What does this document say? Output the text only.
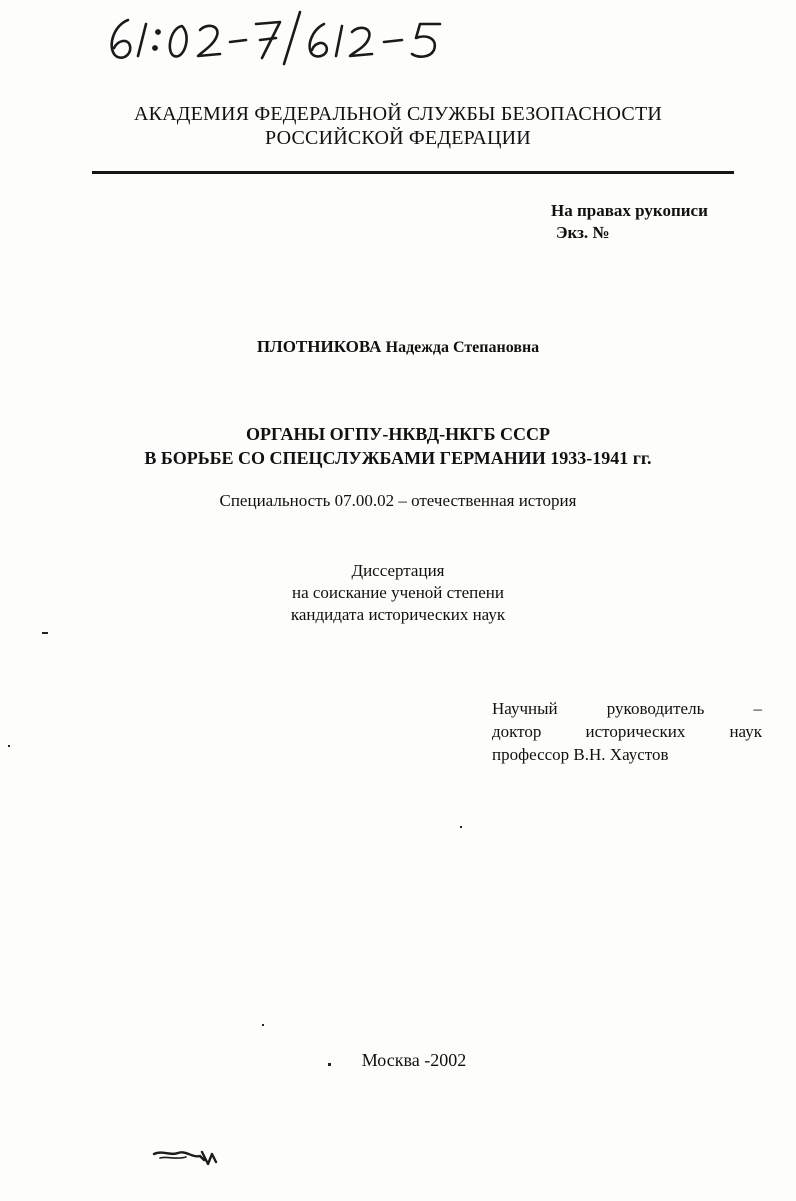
АКАДЕМИЯ ФЕДЕРАЛЬНОЙ СЛУЖБЫ БЕЗОПАСНОСТИ
РОССИЙСКОЙ ФЕДЕРАЦИИ
На правах рукописи
Экз. №
ПЛОТНИКОВА Надежда Степановна
ОРГАНЫ ОГПУ-НКВД-НКГБ СССР
В БОРЬБЕ СО СПЕЦСЛУЖБАМИ ГЕРМАНИИ 1933-1941 гг.
Специальность 07.00.02 – отечественная история
Диссертация
на соискание ученой степени
кандидата исторических наук
Научный	руководитель	–
доктор	исторических	наук
профессор В.Н. Хаустов
Москва -2002
